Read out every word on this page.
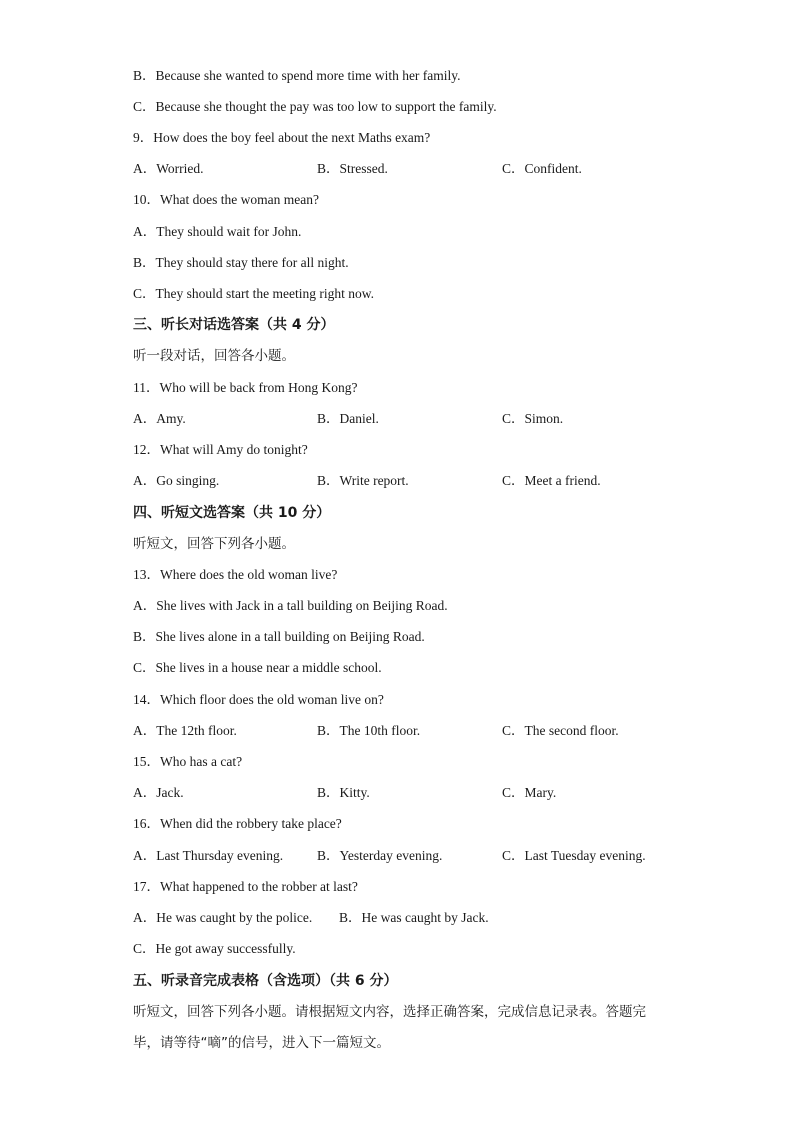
B．Because she wanted to spend more time with her family.
C．Because she thought the pay was too low to support the family.
9．How does the boy feel about the next Maths exam?
A．Worried.	B．Stressed.	C．Confident.
10．What does the woman mean?
A．They should wait for John.
B．They should stay there for all night.
C．They should start the meeting right now.
三、听长对话选答案（共 4 分）
听一段对话，回答各小题。
11．Who will be back from Hong Kong?
A．Amy.	B．Daniel.	C．Simon.
12．What will Amy do tonight?
A．Go singing.	B．Write report.	C．Meet a friend.
四、听短文选答案（共 10 分）
听短文，回答下列各小题。
13．Where does the old woman live?
A．She lives with Jack in a tall building on Beijing Road.
B．She lives alone in a tall building on Beijing Road.
C．She lives in a house near a middle school.
14．Which floor does the old woman live on?
A．The 12th floor.	B．The 10th floor.	C．The second floor.
15．Who has a cat?
A．Jack.	B．Kitty.	C．Mary.
16．When did the robbery take place?
A．Last Thursday evening.	B．Yesterday evening.	C．Last Tuesday evening.
17．What happened to the robber at last?
A．He was caught by the police. B．He was caught by Jack.
C．He got away successfully.
五、听录音完成表格（含选项）（共 6 分）
听短文，回答下列各小题。请根据短文内容，选择正确答案，完成信息记录表。答题完毕，请等待“嘀”的信号，进入下一篇短文。
